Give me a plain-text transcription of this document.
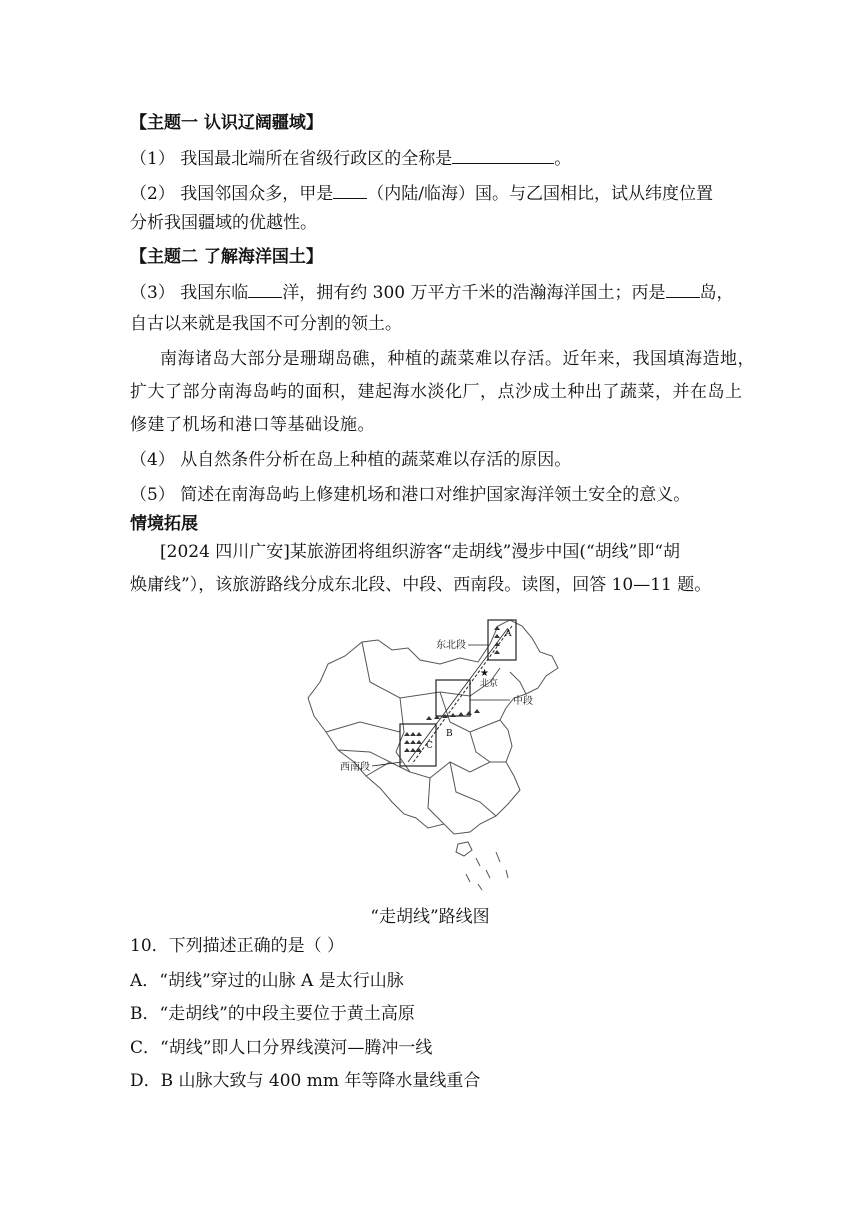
【主题一 认识辽阔疆域】
（1） 我国最北端所在省级行政区的全称是	。
（2） 我国邻国众多，甲是 （内陆/临海）国。与乙国相比，试从纬度位置
分析我国疆域的优越性。
【主题二 了解海洋国土】
（3） 我国东临 洋，拥有约 300 万平方千米的浩瀚海洋国土；丙是 岛，
自古以来就是我国不可分割的领土。
南海诸岛大部分是珊瑚岛礁，种植的蔬菜难以存活。近年来，我国填海造地，
扩大了部分南海岛屿的面积，建起海水淡化厂，点沙成土种出了蔬菜，并在岛上
修建了机场和港口等基础设施。
（4） 从自然条件分析在岛上种植的蔬菜难以存活的原因。
（5） 简述在南海岛屿上修建机场和港口对维护国家海洋领土安全的意义。
情境拓展
[2024 四川广安]某旅游团将组织游客“走胡线”漫步中国(“胡线”即“胡
焕庸线”），该旅游路线分成东北段、中段、西南段。读图，回答 10—11 题。
★
东北段
中段
西南段
北京
A
B
C
“走胡线”路线图
10．下列描述正确的是（ ）
A．“胡线”穿过的山脉 A 是太行山脉
B．“走胡线”的中段主要位于黄土高原
C．“胡线”即人口分界线漠河—腾冲一线
D．B 山脉大致与 400 mm 年等降水量线重合
